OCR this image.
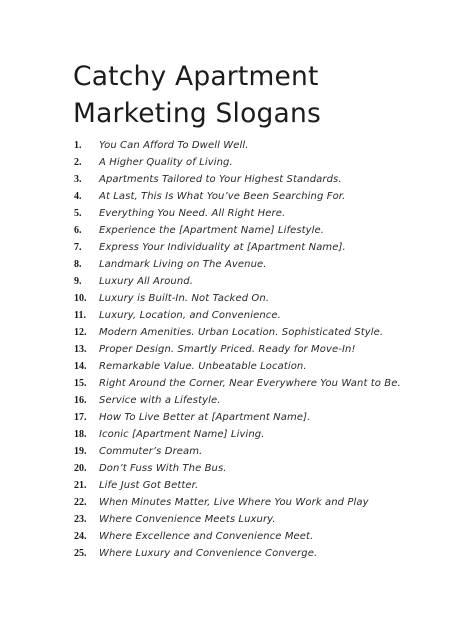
Catchy Apartment
Marketing Slogans
1.	You Can Afford To Dwell Well.
2.	A Higher Quality of Living.
3.	Apartments Tailored to Your Highest Standards.
4.	At Last, This Is What You’ve Been Searching For.
5.	Everything You Need. All Right Here.
6.	Experience the [Apartment Name] Lifestyle.
7.	Express Your Individuality at [Apartment Name].
8.	Landmark Living on The Avenue.
9.	Luxury All Around.
10.	Luxury is Built-In. Not Tacked On.
11.	Luxury, Location, and Convenience.
12.	Modern Amenities. Urban Location. Sophisticated Style.
13.	Proper Design. Smartly Priced. Ready for Move-In!
14.	Remarkable Value. Unbeatable Location.
15.	Right Around the Corner, Near Everywhere You Want to Be.
16.	Service with a Lifestyle.
17.	How To Live Better at [Apartment Name].
18.	Iconic [Apartment Name] Living.
19.	Commuter’s Dream.
20.	Don’t Fuss With The Bus.
21.	Life Just Got Better.
22.	When Minutes Matter, Live Where You Work and Play
23.	Where Convenience Meets Luxury.
24.	Where Excellence and Convenience Meet.
25.	Where Luxury and Convenience Converge.
